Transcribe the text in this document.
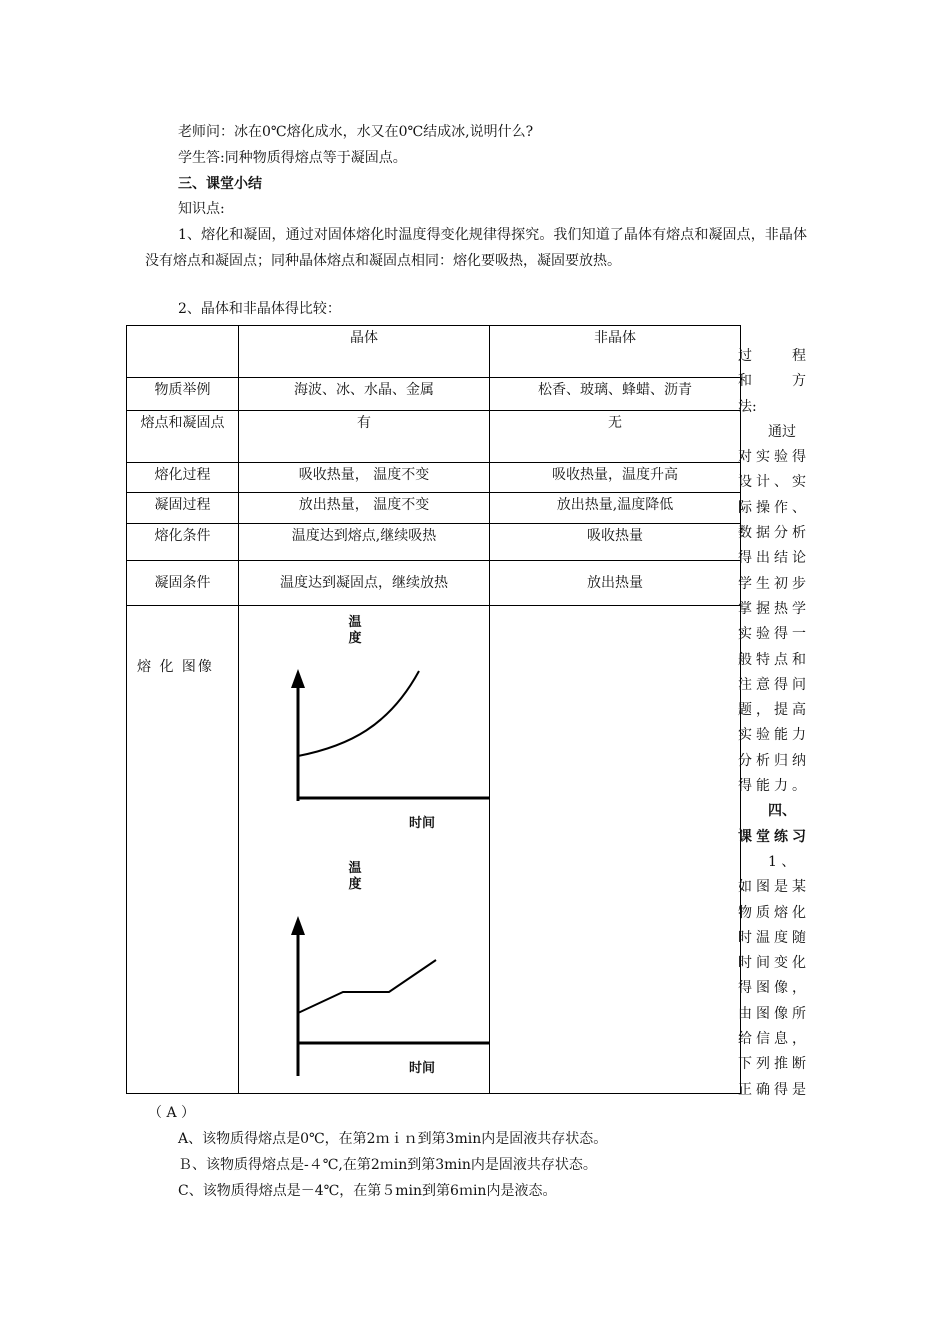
老师问：冰在0℃熔化成水，水又在0℃结成冰,说明什么?
学生答:同种物质得熔点等于凝固点。
三、课堂小结
知识点:
1、熔化和凝固，通过对固体熔化时温度得变化规律得探究。我们知道了晶体有熔点和凝固点，非晶体没有熔点和凝固点；同种晶体熔点和凝固点相同：熔化要吸热，凝固要放热。
2、晶体和非晶体得比较：
	晶体	非晶体
物质举例	海波、冰、水晶、金属	松香、玻璃、蜂蜡、沥青
熔点和凝固点	有	无
熔化过程	吸收热量， 温度不变	吸收热量，温度升高
凝固过程	放出热量， 温度不变	放出热量,温度降低
熔化条件	温度达到熔点,继续吸热	吸收热量
凝固条件	温度达到凝固点，继续放热	放出热量
熔 化 图像	温度
时间
温度
时间	

过 程
和 方
法:
通过
对实验得
设计、实
际操作、
数据分析
得出结论
学生初步
掌握热学
实验得一
般特点和
注意得问
题，提高
实验能力
分析归纳
得能力。
四、
课堂练习
1 、
如图是某
物质熔化
时温度随
时间变化
得图像，
由图像所
给信息，
下列推断
正确得是
（ A ）
A、该物质得熔点是0℃，在第2ｍｉｎ到第3min内是固液共存状态。
Ｂ、该物质得熔点是-４℃,在第2ｍin到第3min内是固液共存状态。
C、该物质得熔点是－4℃，在第５min到第6ｍin内是液态。
